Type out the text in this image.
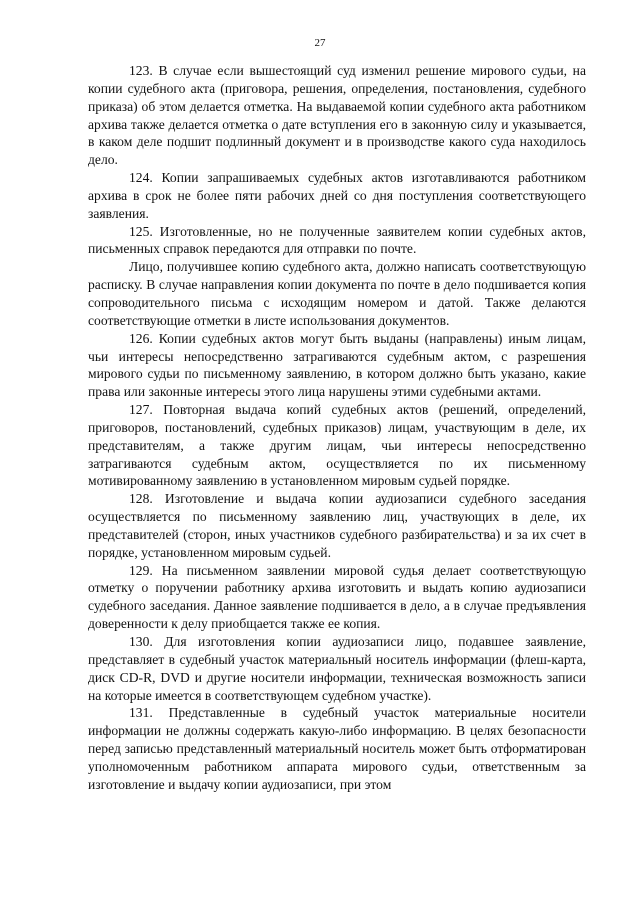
27

123. В случае если вышестоящий суд изменил решение мирового судьи, на копии судебного акта (приговора, решения, определения, постановления, судебного приказа) об этом делается отметка. На выдаваемой копии судебного акта работником архива также делается отметка о дате вступления его в законную силу и указывается, в каком деле подшит подлинный документ и в производстве какого суда находилось дело.

124. Копии запрашиваемых судебных актов изготавливаются работником архива в срок не более пяти рабочих дней со дня поступления соответствующего заявления.

125. Изготовленные, но не полученные заявителем копии судебных актов, письменных справок передаются для отправки по почте.

Лицо, получившее копию судебного акта, должно написать соответствующую расписку. В случае направления копии документа по почте в дело подшивается копия сопроводительного письма с исходящим номером и датой. Также делаются соответствующие отметки в листе использования документов.

126. Копии судебных актов могут быть выданы (направлены) иным лицам, чьи интересы непосредственно затрагиваются судебным актом, с разрешения мирового судьи по письменному заявлению, в котором должно быть указано, какие права или законные интересы этого лица нарушены этими судебными актами.

127. Повторная выдача копий судебных актов (решений, определений, приговоров, постановлений, судебных приказов) лицам, участвующим в деле, их представителям, а также другим лицам, чьи интересы непосредственно затрагиваются судебным актом, осуществляется по их письменному мотивированному заявлению в установленном мировым судьей порядке.

128. Изготовление и выдача копии аудиозаписи судебного заседания осуществляется по письменному заявлению лиц, участвующих в деле, их представителей (сторон, иных участников судебного разбирательства) и за их счет в порядке, установленном мировым судьей.

129. На письменном заявлении мировой судья делает соответствующую отметку о поручении работнику архива изготовить и выдать копию аудиозаписи судебного заседания. Данное заявление подшивается в дело, а в случае предъявления доверенности к делу приобщается также ее копия.

130. Для изготовления копии аудиозаписи лицо, подавшее заявление, представляет в судебный участок материальный носитель информации (флеш-карта, диск CD-R, DVD и другие носители информации, техническая возможность записи на которые имеется в соответствующем судебном участке).

131. Представленные в судебный участок материальные носители информации не должны содержать какую-либо информацию. В целях безопасности перед записью представленный материальный носитель может быть отформатирован уполномоченным работником аппарата мирового судьи, ответственным за изготовление и выдачу копии аудиозаписи, при этом
